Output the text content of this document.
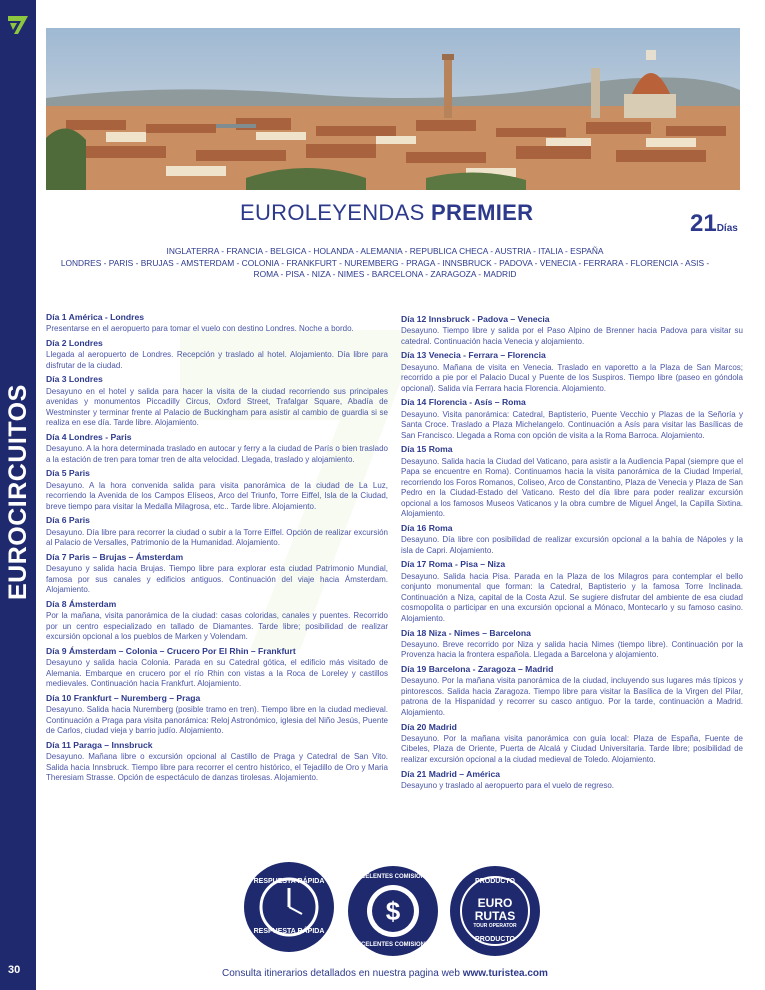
EUROCIRCUITOS
30
EUROLEYENDAS PREMIER	21Días
INGLATERRA - FRANCIA - BELGICA - HOLANDA - ALEMANIA - REPUBLICA CHECA - AUSTRIA - ITALIA - ESPAÑA
LONDRES - PARIS - BRUJAS - AMSTERDAM - COLONIA - FRANKFURT - NUREMBERG - PRAGA - INNSBRUCK - PADOVA - VENECIA - FERRARA - FLORENCIA - ASIS -
ROMA - PISA - NIZA - NIMES - BARCELONA - ZARAGOZA - MADRID
Día 1 América - Londres
Presentarse en el aeropuerto para tomar el vuelo con destino Londres. Noche a bordo.
Día 2 Londres
Llegada al aeropuerto de Londres. Recepción y traslado al hotel. Alojamiento. Día libre para disfrutar de la ciudad.
Día 3 Londres
Desayuno en el hotel y salida para hacer la visita de la ciudad recorriendo sus principales avenidas y monumentos Piccadilly Circus, Oxford Street, Trafalgar Square, Abadía de Westminster y terminar frente al Palacio de Buckingham para asistir al cambio de guardia si se realiza en ese día. Tarde libre. Alojamiento.
Día 4 Londres - Paris
Desayuno. A la hora determinada traslado en autocar y ferry a la ciudad de París o bien traslado a la estación de tren para tomar tren de alta velocidad. Llegada, traslado y alojamiento.
Día 5 Paris
Desayuno. A la hora convenida salida para visita panorámica de la ciudad de La Luz, recorriendo la Avenida de los Campos Elíseos, Arco del Triunfo, Torre Eiffel, Isla de la Ciudad, breve tiempo para visitar la Medalla Milagrosa, etc.. Tarde libre. Alojamiento.
Día 6 Paris
Desayuno. Día libre para recorrer la ciudad o subir a la Torre Eiffel. Opción de realizar excursión al Palacio de Versalles, Patrimonio de la Humanidad. Alojamiento.
Día 7 Paris – Brujas – Ámsterdam
Desayuno y salida hacia Brujas. Tiempo libre para explorar esta ciudad Patrimonio Mundial, famosa por sus canales y edificios antiguos. Continuación del viaje hacia Ámsterdam. Alojamiento.
Día 8 Ámsterdam
Por la mañana, visita panorámica de la ciudad: casas coloridas, canales y puentes. Recorrido por un centro especializado en tallado de Diamantes. Tarde libre; posibilidad de realizar excursión opcional a los pueblos de Marken y Volendam.
Día 9 Ámsterdam – Colonia – Crucero Por El Rhin – Frankfurt
Desayuno y salida hacia Colonia. Parada en su Catedral gótica, el edificio más visitado de Alemania. Embarque en crucero por el río Rhin con vistas a la Roca de Loreley y castillos medievales. Continuación hacia Frankfurt. Alojamiento.
Día 10 Frankfurt – Nuremberg – Praga
Desayuno. Salida hacia Nuremberg (posible tramo en tren). Tiempo libre en la ciudad medieval. Continuación a Praga para visita panorámica: Reloj Astronómico, iglesia del Niño Jesús, Puente de Carlos, ciudad vieja y barrio judío. Alojamiento.
Día 11 Paraga – Innsbruck
Desayuno. Mañana libre o excursión opcional al Castillo de Praga y Catedral de San Vito. Salida hacia Innsbruck. Tiempo libre para recorrer el centro histórico, el Tejadillo de Oro y Maria Theresiam Strasse. Opción de espectáculo de danzas tirolesas. Alojamiento.
Día 12 Innsbruck - Padova – Venecia
Desayuno. Tiempo libre y salida por el Paso Alpino de Brenner hacia Padova para visitar su catedral. Continuación hacia Venecia y alojamiento.
Día 13 Venecia - Ferrara – Florencia
Desayuno. Mañana de visita en Venecia. Traslado en vaporetto a la Plaza de San Marcos; recorrido a pie por el Palacio Ducal y Puente de los Suspiros. Tiempo libre (paseo en góndola opcional). Salida vía Ferrara hacia Florencia. Alojamiento.
Día 14 Florencia - Asís – Roma
Desayuno. Visita panorámica: Catedral, Baptisterio, Puente Vecchio y Plazas de la Señoría y Santa Croce. Traslado a Plaza Michelangelo. Continuación a Asís para visitar las Basílicas de San Francisco. Llegada a Roma con opción de visita a la Roma Barroca. Alojamiento.
Día 15 Roma
Desayuno. Salida hacia la Ciudad del Vaticano, para asistir a la Audiencia Papal (siempre que el Papa se encuentre en Roma). Continuamos hacia la visita panorámica de la Ciudad Imperial, recorriendo los Foros Romanos, Coliseo, Arco de Constantino, Plaza de Venecia y Plaza de San Pedro en la Ciudad-Estado del Vaticano. Resto del día libre para poder realizar excursión opcional a los famosos Museos Vaticanos y la obra cumbre de Miguel Ángel, la Capilla Sixtina. Alojamiento.
Día 16 Roma
Desayuno. Día libre con posibilidad de realizar excursión opcional a la bahía de Nápoles y la isla de Capri. Alojamiento.
Día 17 Roma - Pisa – Niza
Desayuno. Salida hacia Pisa. Parada en la Plaza de los Milagros para contemplar el bello conjunto monumental que forman: la Catedral, Baptisterio y la famosa Torre Inclinada. Continuación a Niza, capital de la Costa Azul. Se sugiere disfrutar del ambiente de esa ciudad cosmopolita o participar en una excursión opcional a Mónaco, Montecarlo y su famoso casino. Alojamiento.
Día 18 Niza - Nimes – Barcelona
Desayuno. Breve recorrido por Niza y salida hacia Nimes (tiempo libre). Continuación por la Provenza hacia la frontera española. Llegada a Barcelona y alojamiento.
Día 19 Barcelona - Zaragoza – Madrid
Desayuno. Por la mañana visita panorámica de la ciudad, incluyendo sus lugares más típicos y pintorescos. Salida hacia Zaragoza. Tiempo libre para visitar la Basílica de la Virgen del Pilar, patrona de la Hispanidad y recorrer su casco antiguo. Por la tarde, continuación a Madrid. Alojamiento.
Día 20 Madrid
Desayuno. Por la mañana visita panorámica con guía local: Plaza de España, Fuente de Cibeles, Plaza de Oriente, Puerta de Alcalá y Ciudad Universitaria. Tarde libre; posibilidad de realizar excursión opcional a la ciudad medieval de Toledo. Alojamiento.
Día 21 Madrid – América
Desayuno y traslado al aeropuerto para el vuelo de regreso.
RESPUESTA RÁPIDA
RESPUESTA RÁPIDA
$
EXCELENTES COMISIONES
EXCELENTES COMISIONES
PRODUCTO
EURO
RUTAS
TOUR OPERATOR
PRODUCTO
Consulta itinerarios detallados en nuestra pagina web www.turistea.com
